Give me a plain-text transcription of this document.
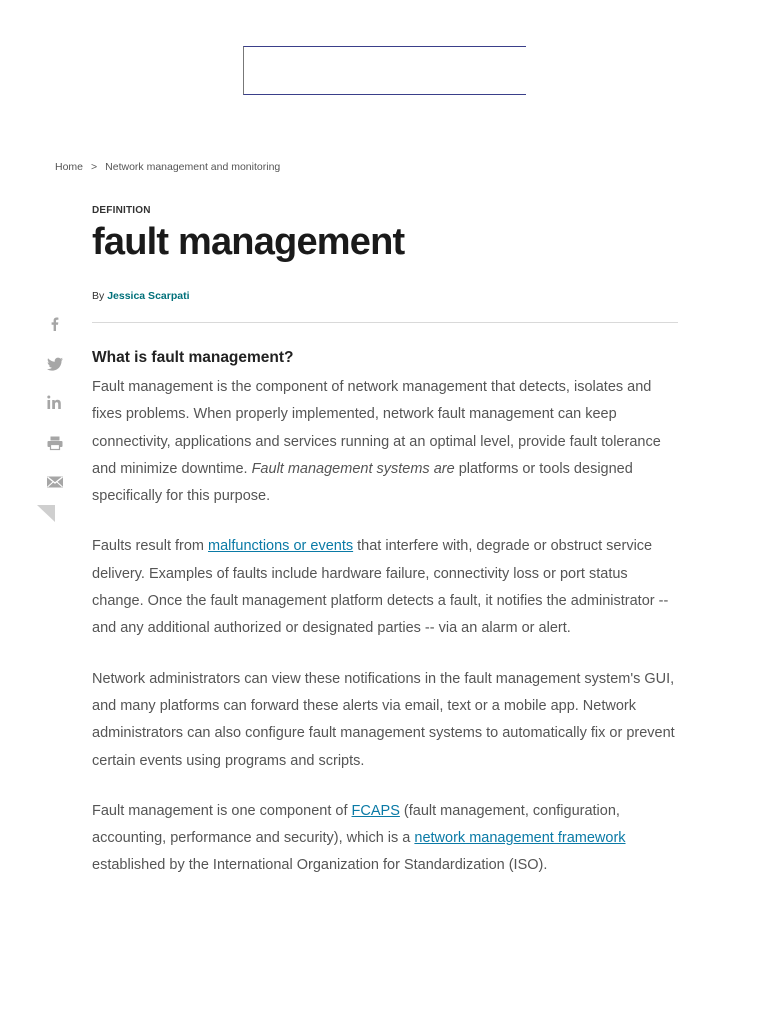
Home > Network management and monitoring

DEFINITION

fault management
By Jessica Scarpati
What is fault management?

Fault management is the component of network management that detects, isolates and fixes problems. When properly implemented, network fault management can keep connectivity, applications and services running at an optimal level, provide fault tolerance and minimize downtime. Fault management systems are platforms or tools designed specifically for this purpose.

Faults result from malfunctions or events that interfere with, degrade or obstruct service delivery. Examples of faults include hardware failure, connectivity loss or port status change. Once the fault management platform detects a fault, it notifies the administrator -- and any additional authorized or designated parties -- via an alarm or alert.

Network administrators can view these notifications in the fault management system's GUI, and many platforms can forward these alerts via email, text or a mobile app. Network administrators can also configure fault management systems to automatically fix or prevent certain events using programs and scripts.

Fault management is one component of FCAPS (fault management, configuration, accounting, performance and security), which is a network management framework established by the International Organization for Standardization (ISO).
